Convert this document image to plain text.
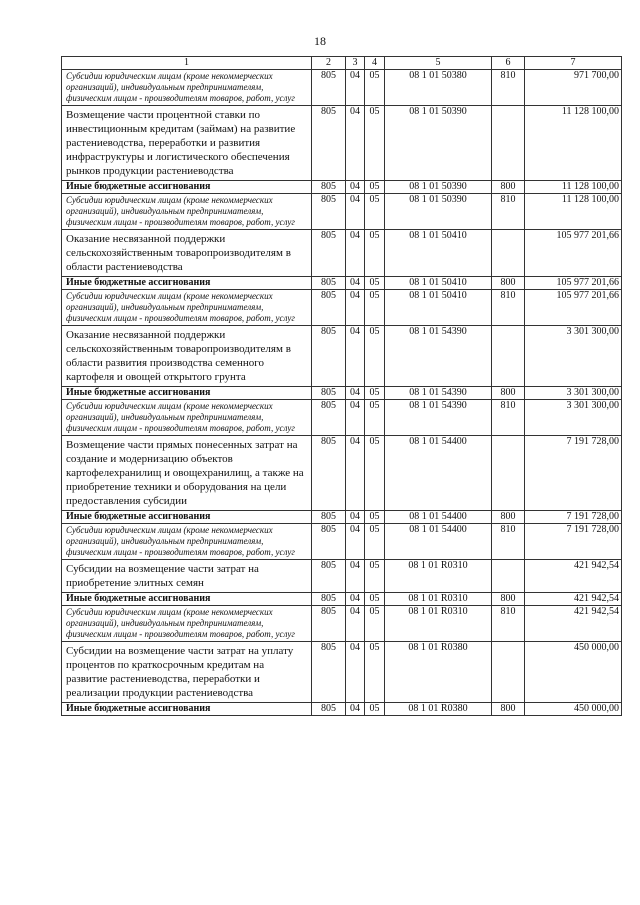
18
1	2	3	4	5	6	7
Субсидии юридическим лицам (кроме некоммерческих организаций), индивидуальным предпринимателям, физическим лицам - производителям товаров, работ, услуг	805	04	05	08 1 01 50380	810	971 700,00
Возмещение части процентной ставки по инвестиционным кредитам (займам) на развитие растениеводства, переработки и развития инфраструктуры и логистического обеспечения рынков продукции растениеводства	805	04	05	08 1 01 50390		11 128 100,00
Иные бюджетные ассигнования	805	04	05	08 1 01 50390	800	11 128 100,00
Субсидии юридическим лицам (кроме некоммерческих организаций), индивидуальным предпринимателям, физическим лицам - производителям товаров, работ, услуг	805	04	05	08 1 01 50390	810	11 128 100,00
Оказание несвязанной поддержки сельскохозяйственным товаропроизводителям в области растениеводства	805	04	05	08 1 01 50410		105 977 201,66
Иные бюджетные ассигнования	805	04	05	08 1 01 50410	800	105 977 201,66
Субсидии юридическим лицам (кроме некоммерческих организаций), индивидуальным предпринимателям, физическим лицам - производителям товаров, работ, услуг	805	04	05	08 1 01 50410	810	105 977 201,66
Оказание несвязанной поддержки сельскохозяйственным товаропроизводителям в области развития производства семенного картофеля и овощей открытого грунта	805	04	05	08 1 01 54390		3 301 300,00
Иные бюджетные ассигнования	805	04	05	08 1 01 54390	800	3 301 300,00
Субсидии юридическим лицам (кроме некоммерческих организаций), индивидуальным предпринимателям, физическим лицам - производителям товаров, работ, услуг	805	04	05	08 1 01 54390	810	3 301 300,00
Возмещение части прямых понесенных затрат на создание и модернизацию объектов картофелехранилищ и овощехранилищ, а также на приобретение техники и оборудования на цели предоставления субсидии	805	04	05	08 1 01 54400		7 191 728,00
Иные бюджетные ассигнования	805	04	05	08 1 01 54400	800	7 191 728,00
Субсидии юридическим лицам (кроме некоммерческих организаций), индивидуальным предпринимателям, физическим лицам - производителям товаров, работ, услуг	805	04	05	08 1 01 54400	810	7 191 728,00
Субсидии на возмещение части затрат на приобретение элитных семян	805	04	05	08 1 01 R0310		421 942,54
Иные бюджетные ассигнования	805	04	05	08 1 01 R0310	800	421 942,54
Субсидии юридическим лицам (кроме некоммерческих организаций), индивидуальным предпринимателям, физическим лицам - производителям товаров, работ, услуг	805	04	05	08 1 01 R0310	810	421 942,54
Субсидии на возмещение части затрат на уплату процентов по краткосрочным кредитам на развитие растениеводства, переработки и реализации продукции растениеводства	805	04	05	08 1 01 R0380		450 000,00
Иные бюджетные ассигнования	805	04	05	08 1 01 R0380	800	450 000,00
